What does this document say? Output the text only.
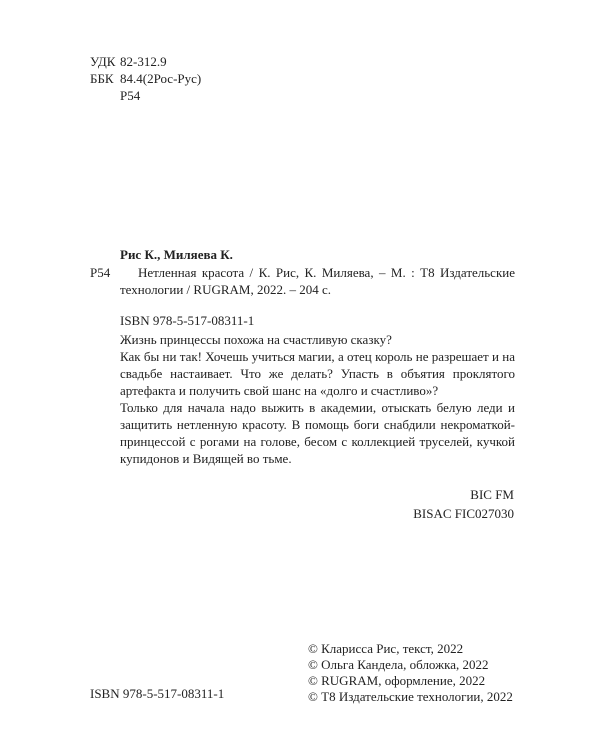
УДК 82-312.9
ББК 84.4(2Рос-Рус)
Р54
Рис К., Миляева К.
Р54	Нетленная красота / К. Рис, К. Миляева, – М. : Т8 Издательские технологии / RUGRAM, 2022. – 204 с.
ISBN 978-5-517-08311-1

Жизнь принцессы похожа на счастливую сказку?

Как бы ни так! Хочешь учиться магии, а отец король не разрешает и на свадьбе настаивает. Что же делать? Упасть в объятия проклятого артефакта и получить свой шанс на «долго и счастливо»?

Только для начала надо выжить в академии, отыскать белую леди и защитить нетленную красоту. В помощь боги снабдили некроматкой-принцессой с рогами на голове, бесом с коллекцией труселей, кучкой купидонов и Видящей во тьме.

BIC FM
BISAC FIC027030
ISBN 978-5-517-08311-1
© Кларисса Рис, текст, 2022
© Ольга Кандела, обложка, 2022
© RUGRAM, оформление, 2022
© Т8 Издательские технологии, 2022
